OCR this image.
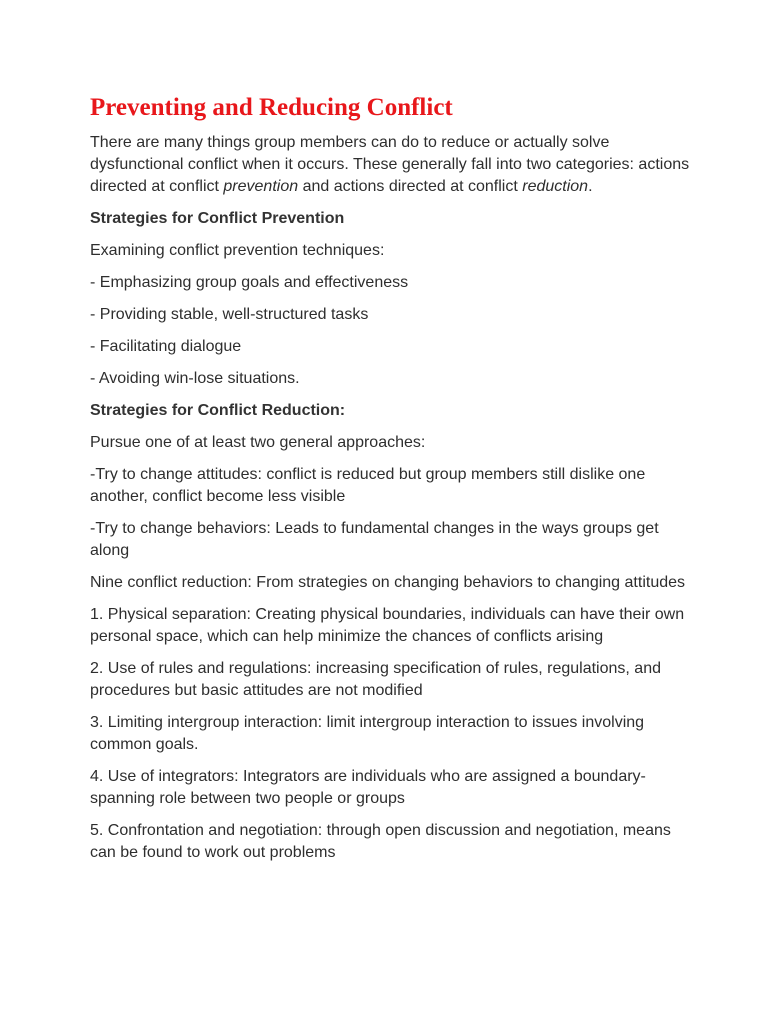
Preventing and Reducing Conflict

There are many things group members can do to reduce or actually solve dysfunctional conflict when it occurs. These generally fall into two categories: actions directed at conflict prevention and actions directed at conflict reduction.

Strategies for Conflict Prevention

Examining conflict prevention techniques:

- Emphasizing group goals and effectiveness

- Providing stable, well-structured tasks

- Facilitating dialogue

- Avoiding win-lose situations.

Strategies for Conflict Reduction:

Pursue one of at least two general approaches:

-Try to change attitudes: conflict is reduced but group members still dislike one another, conflict become less visible

-Try to change behaviors: Leads to fundamental changes in the ways groups get along

Nine conflict reduction: From strategies on changing behaviors to changing attitudes

1. Physical separation: Creating physical boundaries, individuals can have their own personal space, which can help minimize the chances of conflicts arising

2. Use of rules and regulations: increasing specification of rules, regulations, and procedures but basic attitudes are not modified

3. Limiting intergroup interaction: limit intergroup interaction to issues involving common goals.

4. Use of integrators: Integrators are individuals who are assigned a boundary-spanning role between two people or groups

5. Confrontation and negotiation: through open discussion and negotiation, means can be found to work out problems
